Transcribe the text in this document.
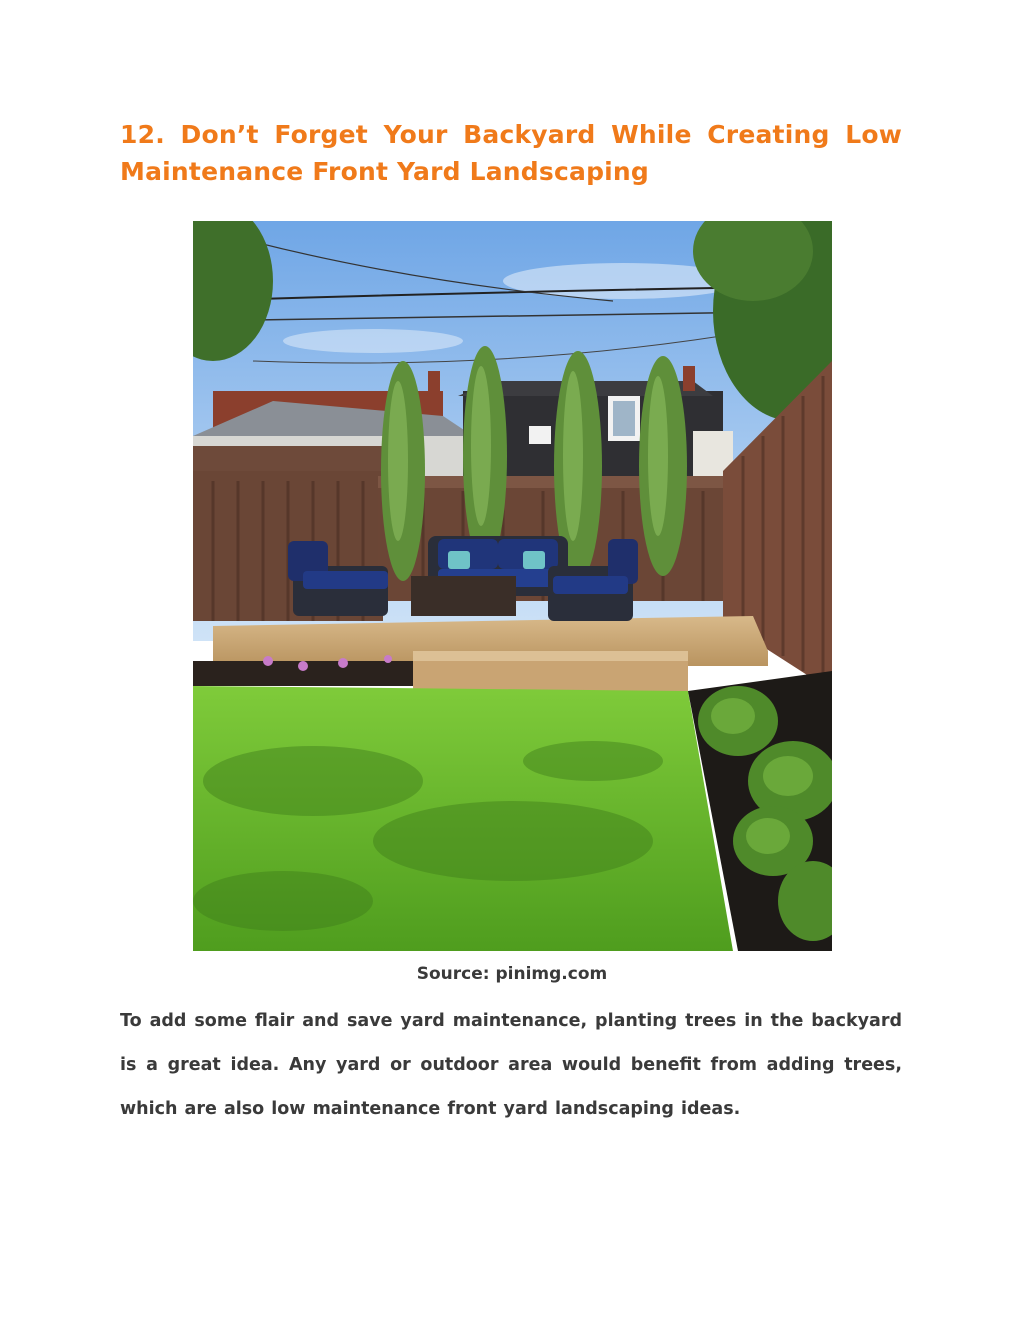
12. Don’t Forget Your Backyard While Creating Low Maintenance Front Yard Landscaping
Source: pinimg.com

To add some flair and save yard maintenance, planting trees in the backyard is a great idea. Any yard or outdoor area would benefit from adding trees, which are also low maintenance front yard landscaping ideas.
